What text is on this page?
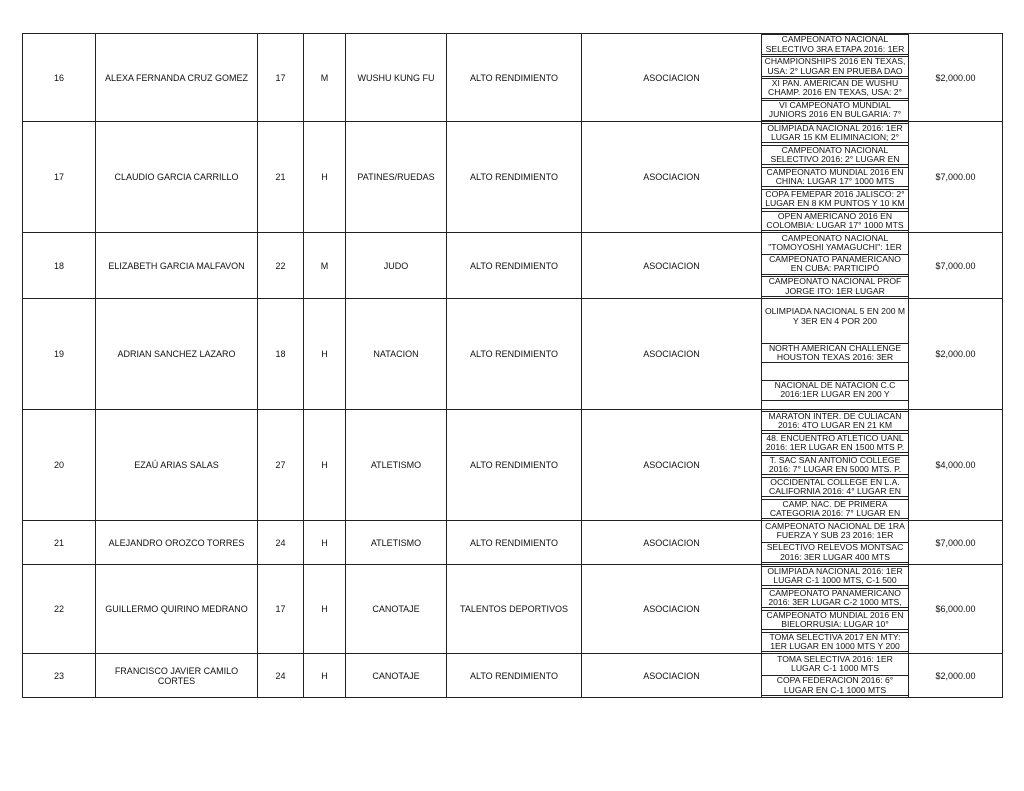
16	ALEXA FERNANDA CRUZ GOMEZ	17	M	WUSHU KUNG FU	ALTO RENDIMIENTO	ASOCIACION	CAMPEONATO NACIONAL SELECTIVO 3RA ETAPA 2016: 1ER
CHAMPIONSHIPS 2016 EN TEXAS, USA: 2° LUGAR EN PRUEBA DAO
XI PAN. AMERICAN DE WUSHU CHAMP. 2016 EN TEXAS, USA: 2°
VI CAMPEONATO MUNDIAL JUNIORS 2016 EN BULGARIA: 7°	$2,000.00
17	CLAUDIO GARCIA CARRILLO	21	H	PATINES/RUEDAS	ALTO RENDIMIENTO	ASOCIACION	OLIMPIADA NACIONAL 2016: 1ER LUGAR 15 KM ELIMINACION; 2°
CAMPEONATO NACIONAL SELECTIVO 2016: 2° LUGAR EN
CAMPEONATO MUNDIAL 2016 EN CHINA: LUGAR 17° 1000 MTS
COPA FEMEPAR 2016 JALISCO: 2° LUGAR EN 8 KM PUNTOS Y 10 KM
OPEN AMERICANO 2016 EN COLOMBIA: LUGAR 17° 1000 MTS	$7,000.00
18	ELIZABETH GARCIA MALFAVON	22	M	JUDO	ALTO RENDIMIENTO	ASOCIACION	CAMPEONATO NACIONAL "TOMOYOSHI YAMAGUCHI": 1ER
CAMPEONATO PANAMERICANO EN CUBA: PARTICIPÓ
CAMPEONATO NACIONAL PROF JORGE ITO: 1ER LUGAR	$7,000.00
19	ADRIAN SANCHEZ LAZARO	18	H	NATACION	ALTO RENDIMIENTO	ASOCIACION	OLIMPIADA NACIONAL 5 EN 200 M Y 3ER EN 4 POR 200
NORTH AMERICAN CHALLENGE HOUSTON TEXAS 2016: 3ER
NACIONAL DE NATACION C.C 2016:1ER LUGAR EN 200 Y	$2,000.00
20	EZAÚ ARIAS SALAS	27	H	ATLETISMO	ALTO RENDIMIENTO	ASOCIACION	MARATON INTER. DE CULIACAN 2016: 4TO LUGAR EN 21 KM
48. ENCUENTRO ATLETICO UANL 2016: 1ER LUGAR EN 1500 MTS P.
T. SAC SAN ANTONIO COLLEGE 2016: 7° LUGAR EN 5000 MTS. P.
OCCIDENTAL COLLEGE EN L.A. CALIFORNIA 2016: 4° LUGAR EN
CAMP. NAC. DE PRIMERA CATEGORIA 2016: 7° LUGAR EN	$4,000.00
21	ALEJANDRO OROZCO TORRES	24	H	ATLETISMO	ALTO RENDIMIENTO	ASOCIACION	CAMPEONATO NACIONAL DE 1RA FUERZA Y SUB 23 2016: 1ER
SELECTIVO RELEVOS MONTSAC 2016: 3ER LUGAR 400 MTS	$7,000.00
22	GUILLERMO QUIRINO MEDRANO	17	H	CANOTAJE	TALENTOS DEPORTIVOS	ASOCIACION	OLIMPIADA NACIONAL 2016: 1ER LUGAR C-1 1000 MTS, C-1 500
CAMPEONATO PANAMERICANO 2016: 3ER LUGAR C-2 1000 MTS,
CAMPEONATO MUNDIAL 2016 EN BIELORRUSIA: LUGAR 10°
TOMA SELECTIVA 2017 EN MTY: 1ER LUGAR EN 1000 MTS Y 200	$6,000.00
23	FRANCISCO JAVIER CAMILO CORTES	24	H	CANOTAJE	ALTO RENDIMIENTO	ASOCIACION	TOMA SELECTIVA 2016: 1ER LUGAR C-1 1000 MTS
COPA FEDERACION 2016: 6° LUGAR EN C-1 1000 MTS	$2,000.00
